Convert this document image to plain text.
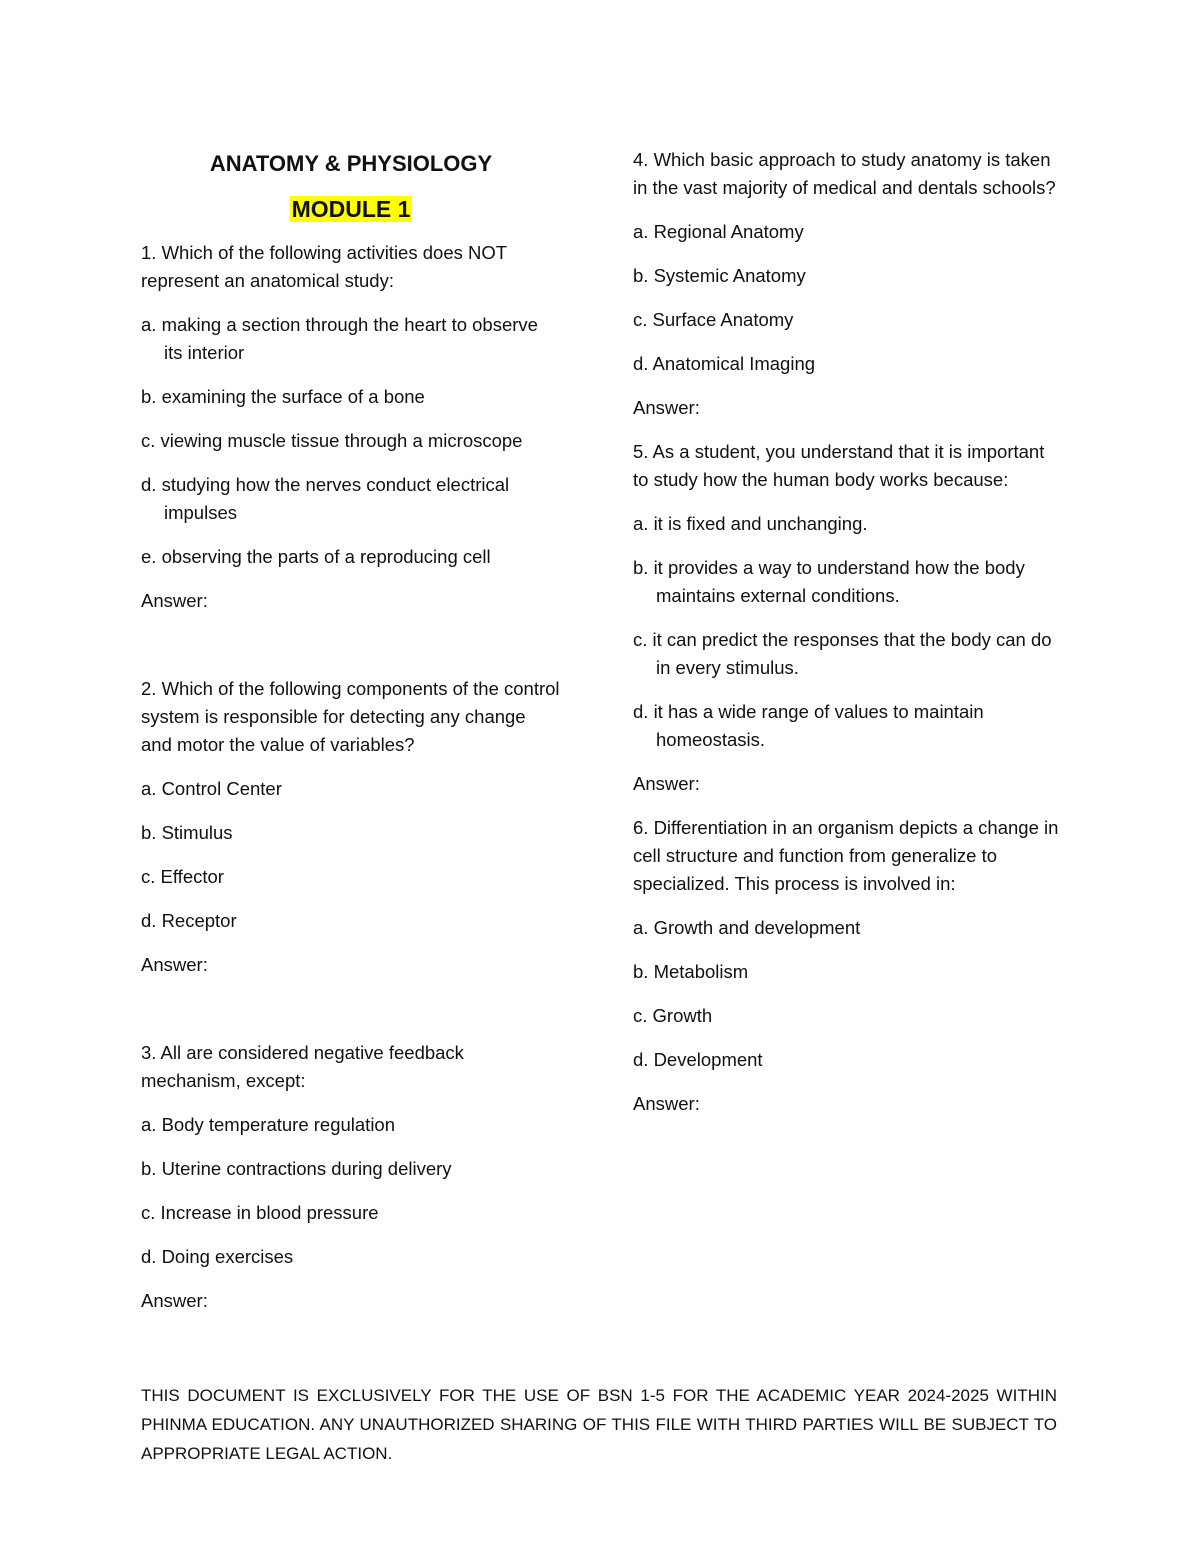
ANATOMY & PHYSIOLOGY
MODULE 1

1. Which of the following activities does NOT represent an anatomical study:

a. making a section through the heart to observe its interior

b. examining the surface of a bone

c. viewing muscle tissue through a microscope

d. studying how the nerves conduct electrical impulses

e. observing the parts of a reproducing cell

Answer:

2. Which of the following components of the control system is responsible for detecting any change and motor the value of variables?

a. Control Center

b. Stimulus

c. Effector

d. Receptor

Answer:

3. All are considered negative feedback mechanism, except:

a. Body temperature regulation

b. Uterine contractions during delivery

c. Increase in blood pressure

d. Doing exercises

Answer:

4. Which basic approach to study anatomy is taken in the vast majority of medical and dentals schools?

a. Regional Anatomy

b. Systemic Anatomy

c. Surface Anatomy

d. Anatomical Imaging

Answer:

5. As a student, you understand that it is important to study how the human body works because:

a. it is fixed and unchanging.

b. it provides a way to understand how the body maintains external conditions.

c. it can predict the responses that the body can do in every stimulus.

d. it has a wide range of values to maintain homeostasis.

Answer:

6. Differentiation in an organism depicts a change in cell structure and function from generalize to specialized. This process is involved in:

a. Growth and development

b. Metabolism

c. Growth

d. Development

Answer:

THIS DOCUMENT IS EXCLUSIVELY FOR THE USE OF BSN 1-5 FOR THE ACADEMIC YEAR 2024-2025 WITHIN PHINMA EDUCATION. ANY UNAUTHORIZED SHARING OF THIS FILE WITH THIRD PARTIES WILL BE SUBJECT TO APPROPRIATE LEGAL ACTION.
